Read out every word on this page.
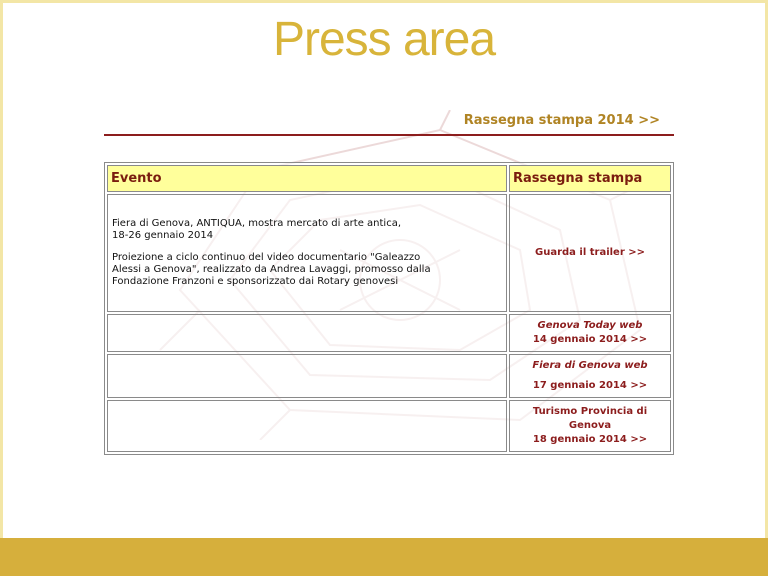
Press area
Rassegna stampa 2014 >>
Evento	Rassegna stampa

Fiera di Genova, ANTIQUA, mostra mercato di arte antica,
18-26 gennaio 2014

Proiezione a ciclo continuo del video documentario "Galeazzo
Alessi a Genova", realizzato da Andrea Lavaggi, promosso dalla
Fondazione Franzoni e sponsorizzato dai Rotary genovesi	Guarda il trailer >>
	Genova Today web
14 gennaio 2014 >>
	Fiera di Genova web
17 gennaio 2014 >>
	Turismo Provincia di
Genova
18 gennaio 2014 >>
